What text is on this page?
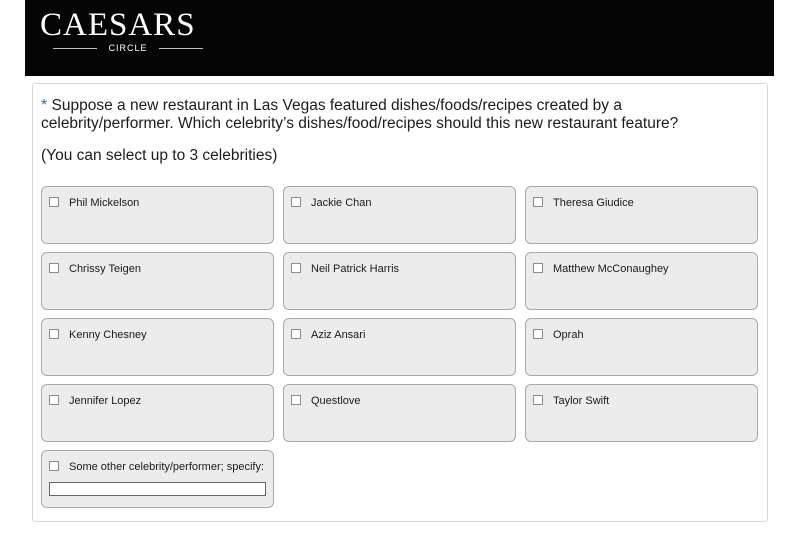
CAESARS
CIRCLE
* Suppose a new restaurant in Las Vegas featured dishes/foods/recipes created by a celebrity/performer. Which celebrity’s dishes/food/recipes should this new restaurant feature?
(You can select up to 3 celebrities)
Phil Mickelson	Jackie Chan	Theresa Giudice
Chrissy Teigen	Neil Patrick Harris	Matthew McConaughey
Kenny Chesney	Aziz Ansari	Oprah
Jennifer Lopez	Questlove	Taylor Swift
Some other celebrity/performer; specify:
